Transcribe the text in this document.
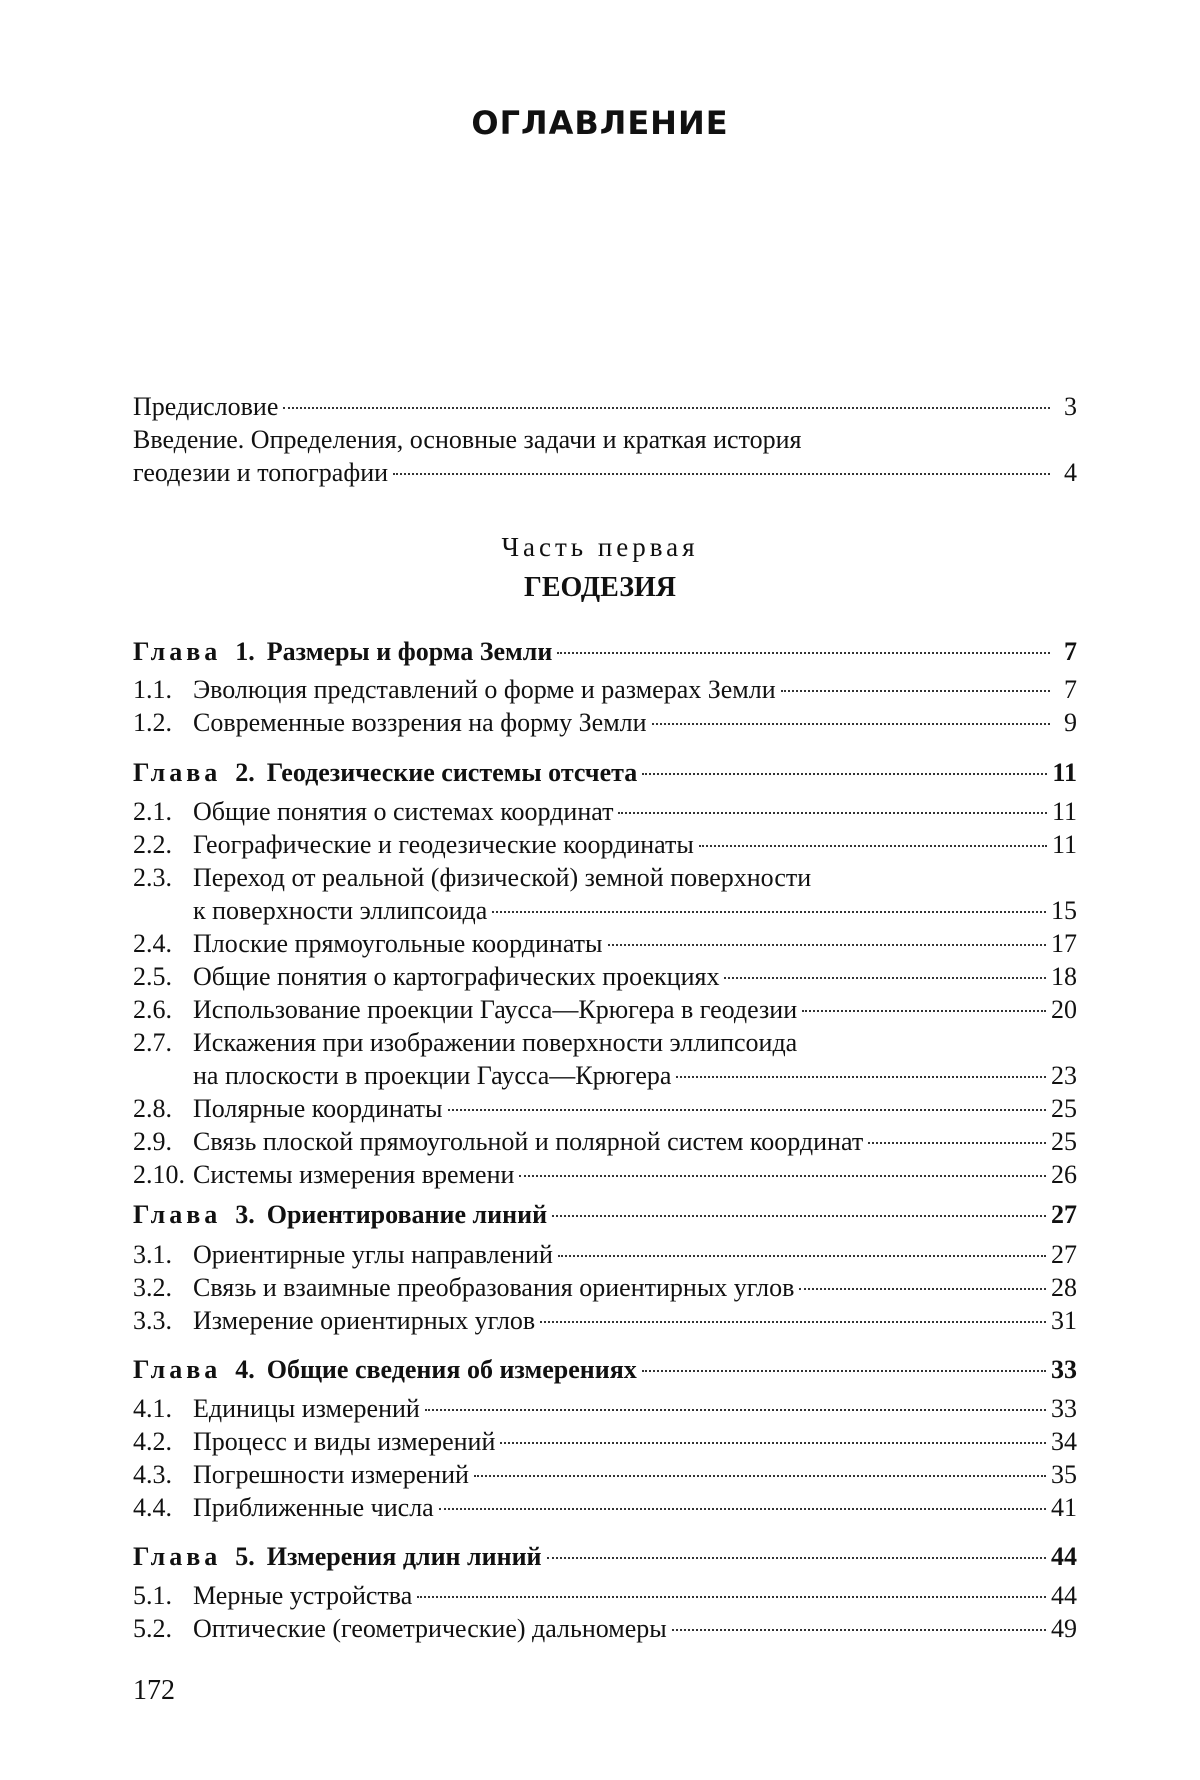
ОГЛАВЛЕНИЕ
Предисловие	3
Введение. Определения, основные задачи и краткая история
геодезии и топографии	4
Часть первая
ГЕОДЕЗИЯ
Глава 1. Размеры и форма Земли	7
1.1. Эволюция представлений о форме и размерах Земли	7
1.2. Современные воззрения на форму Земли	9
Глава 2. Геодезические системы отсчета	11
2.1. Общие понятия о системах координат	11
2.2. Географические и геодезические координаты	11
2.3. Переход от реальной (физической) земной поверхности
к поверхности эллипсоида	15
2.4. Плоские прямоугольные координаты	17
2.5. Общие понятия о картографических проекциях	18
2.6. Использование проекции Гаусса—Крюгера в геодезии	20
2.7. Искажения при изображении поверхности эллипсоида
на плоскости в проекции Гаусса—Крюгера	23
2.8. Полярные координаты	25
2.9. Связь плоской прямоугольной и полярной систем координат	25
2.10. Системы измерения времени	26
Глава 3. Ориентирование линий	27
3.1. Ориентирные углы направлений	27
3.2. Связь и взаимные преобразования ориентирных углов	28
3.3. Измерение ориентирных углов	31
Глава 4. Общие сведения об измерениях	33
4.1. Единицы измерений	33
4.2. Процесс и виды измерений	34
4.3. Погрешности измерений	35
4.4. Приближенные числа	41
Глава 5. Измерения длин линий	44
5.1. Мерные устройства	44
5.2. Оптические (геометрические) дальномеры	49
172
